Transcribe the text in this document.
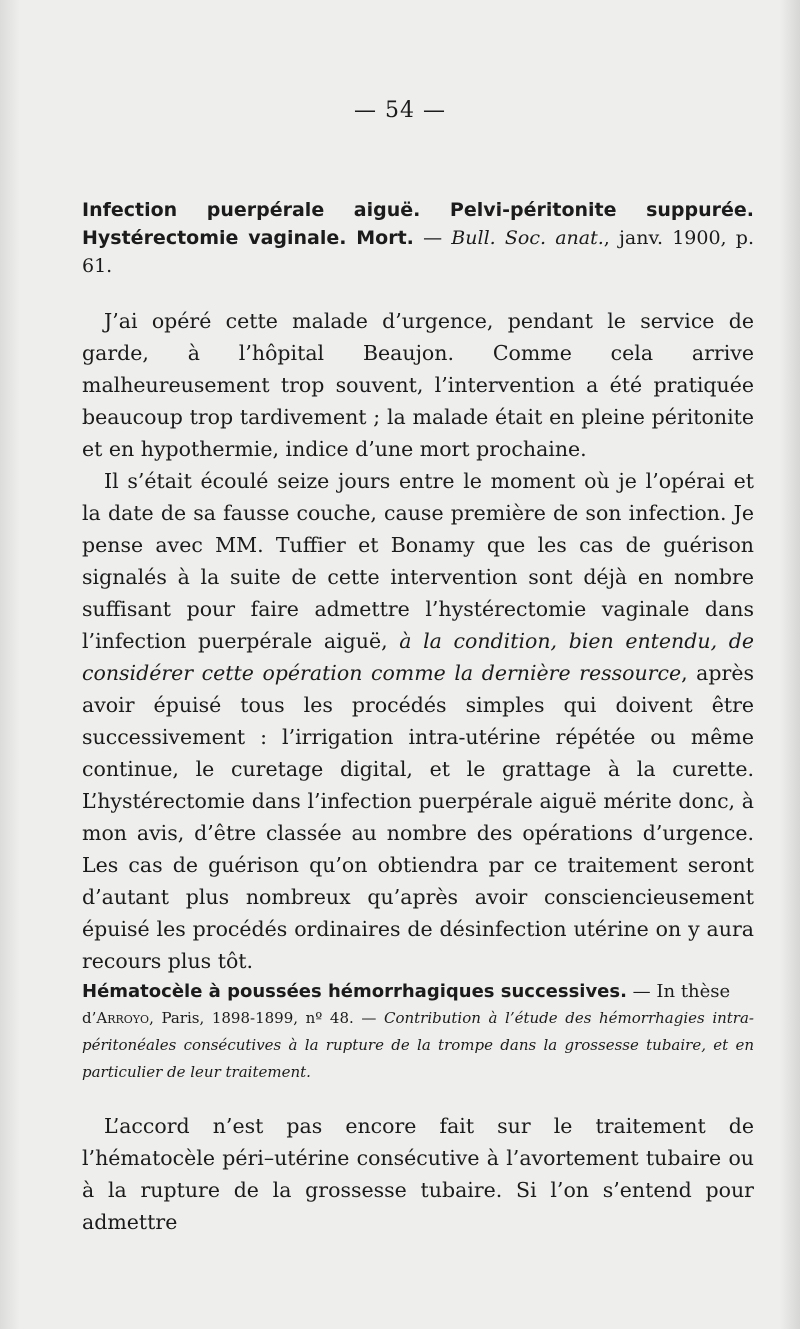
— 54 —
Infection puerpérale aiguë. Pelvi-péritonite suppurée. Hystérectomie vaginale. Mort. — Bull. Soc. anat., janv. 1900, p. 61.

J’ai opéré cette malade d’urgence, pendant le service de garde, à l’hôpital Beaujon. Comme cela arrive malheureusement trop souvent, l’intervention a été pratiquée beaucoup trop tardivement ; la malade était en pleine péritonite et en hypothermie, indice d’une mort prochaine.

Il s’était écoulé seize jours entre le moment où je l’opérai et la date de sa fausse couche, cause première de son infection. Je pense avec MM. Tuffier et Bonamy que les cas de guérison signalés à la suite de cette intervention sont déjà en nombre suffisant pour faire admettre l’hystérectomie vaginale dans l’infection puerpérale aiguë, à la condition, bien entendu, de considérer cette opération comme la dernière ressource, après avoir épuisé tous les procédés simples qui doivent être successivement : l’irrigation intra-utérine répétée ou même continue, le curetage digital, et le grattage à la curette. L’hystérectomie dans l’infection puerpérale aiguë mérite donc, à mon avis, d’être classée au nombre des opérations d’urgence. Les cas de guérison qu’on obtiendra par ce traitement seront d’autant plus nombreux qu’après avoir consciencieusement épuisé les procédés ordinaires de désinfection utérine on y aura recours plus tôt.

Hématocèle à poussées hémorrhagiques successives. — In thèse
d’Arroyo, Paris, 1898-1899, nº 48. — Contribution à l’étude des hémorrhagies intra-péritonéales consécutives à la rupture de la trompe dans la grossesse tubaire, et en particulier de leur traitement.

L’accord n’est pas encore fait sur le traitement de l’hématocèle péri–utérine consécutive à l’avortement tubaire ou à la rupture de la grossesse tubaire. Si l’on s’entend pour admettre
